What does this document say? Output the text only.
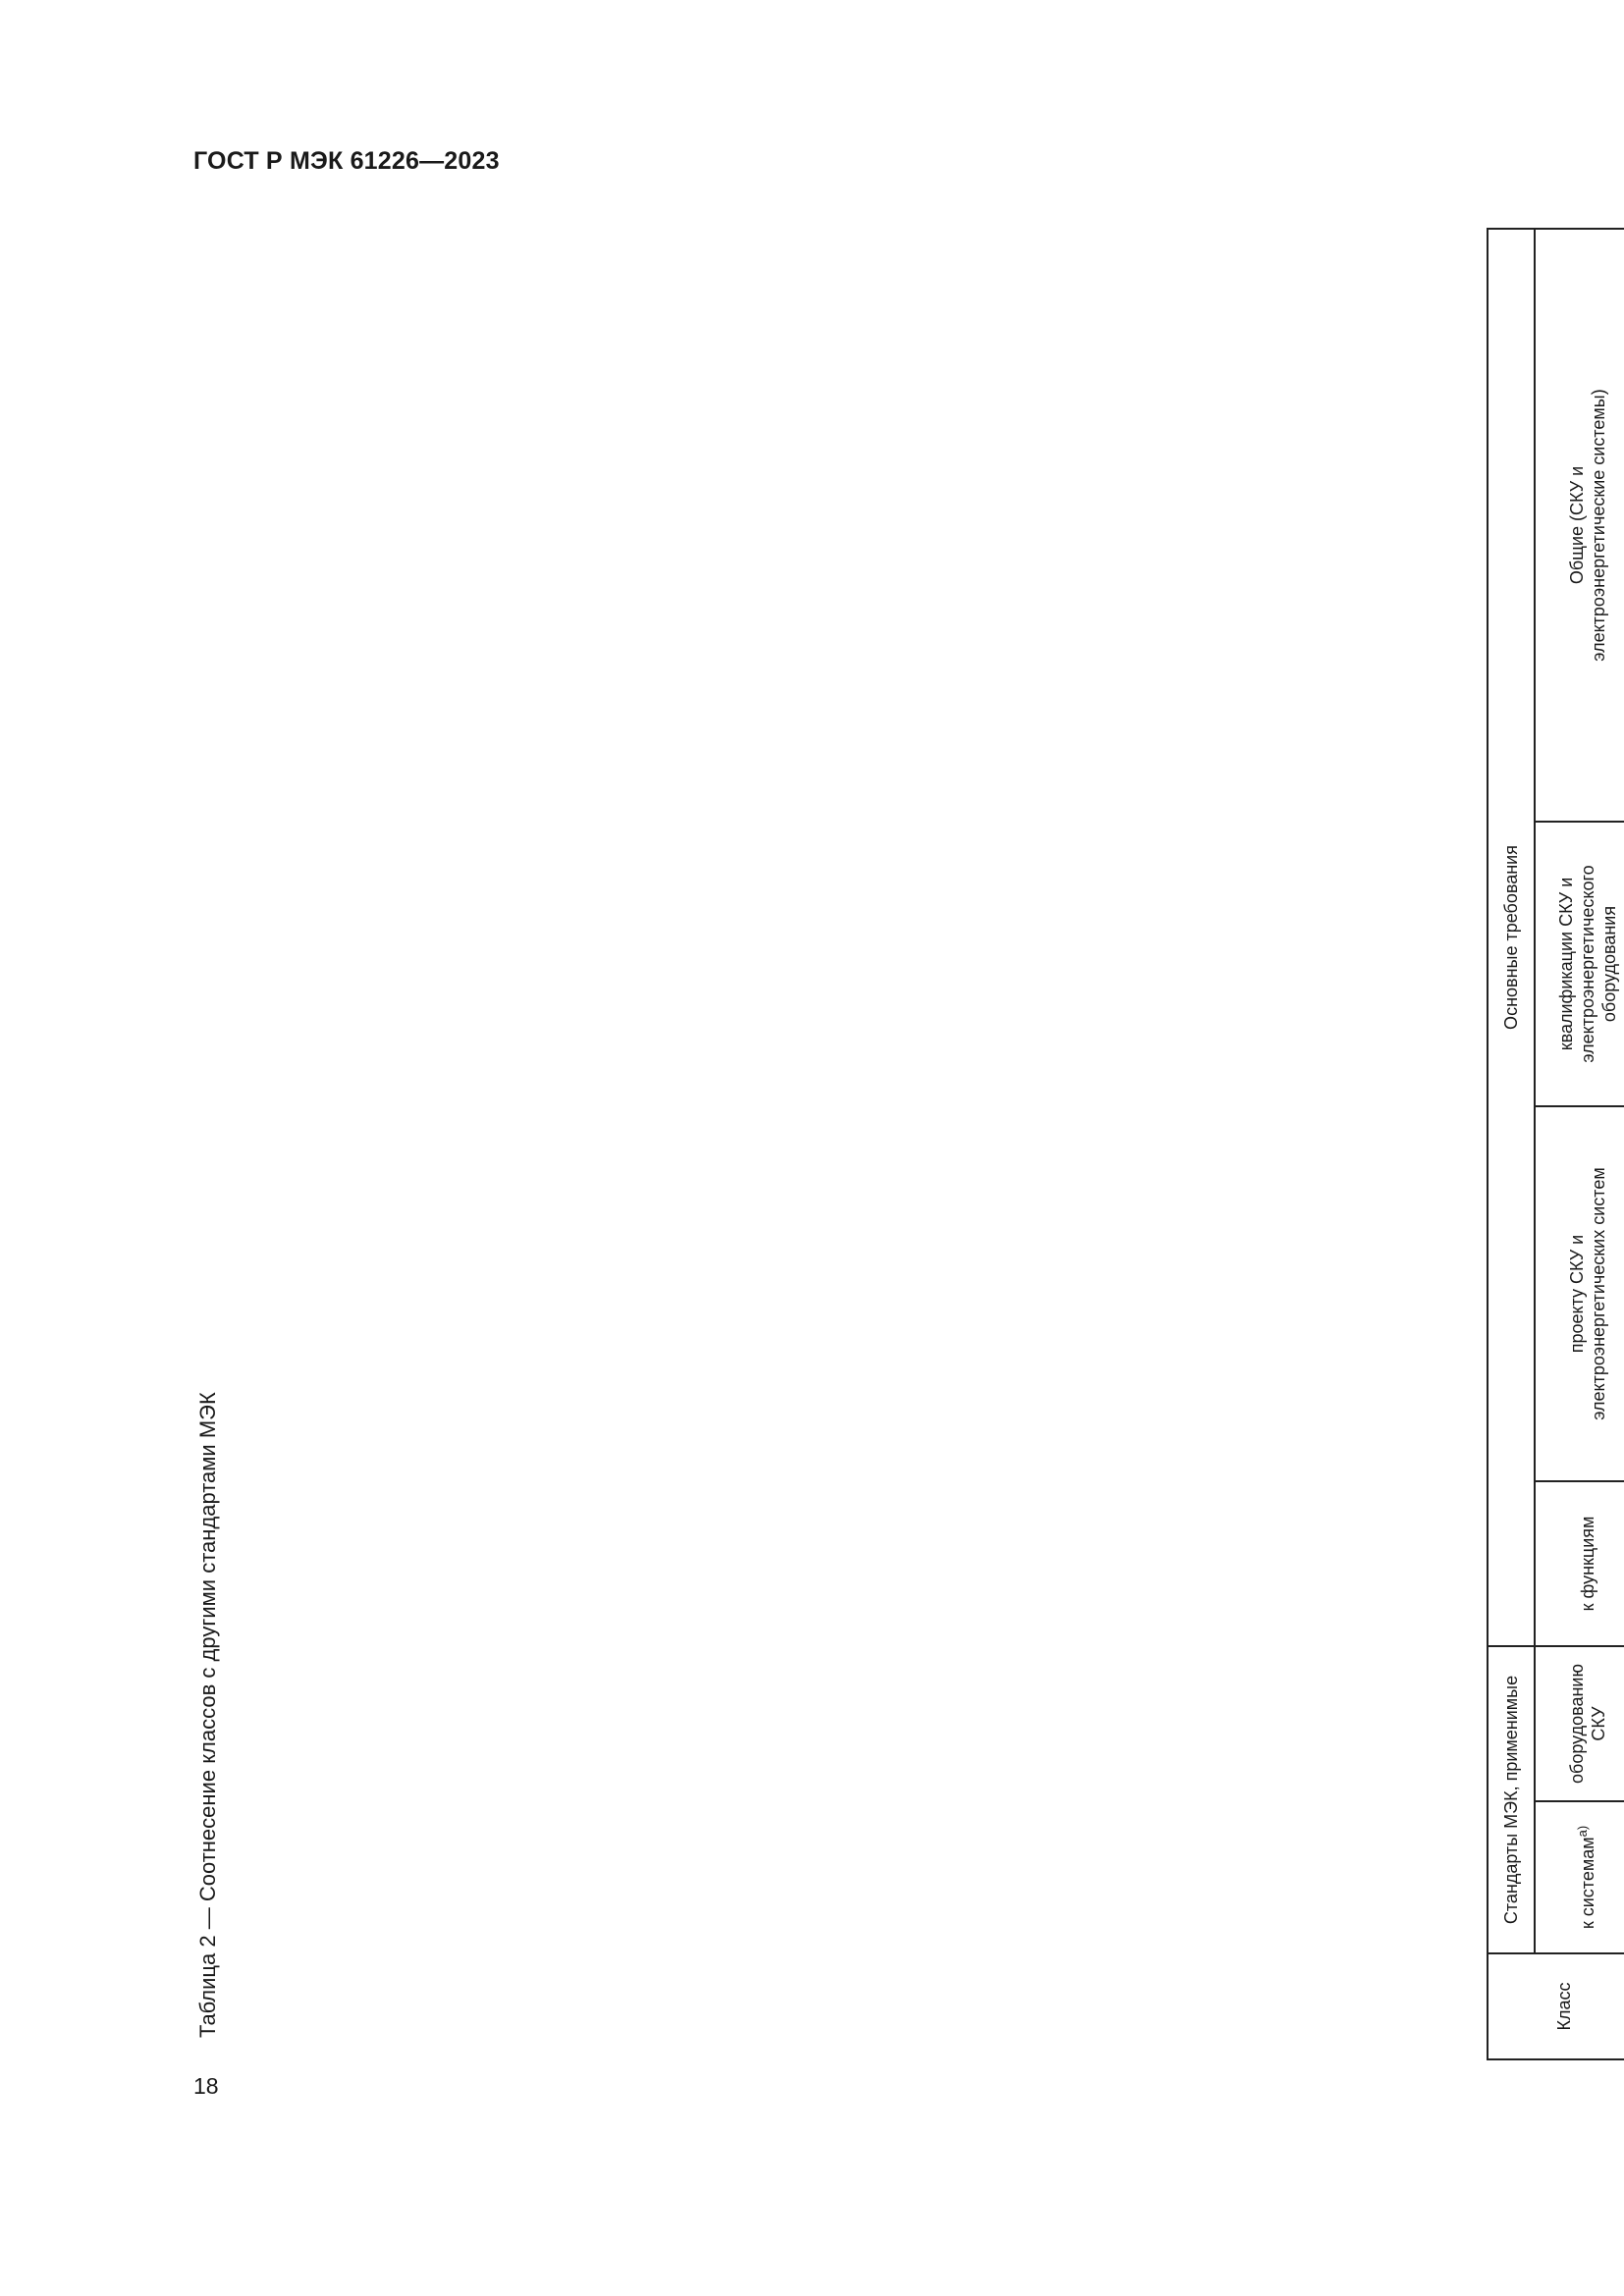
ГОСТ Р МЭК 61226—2023
18
Таблица 2 — Соотнесение классов с другими стандартами МЭК	Класс	Стандарты МЭК, применимые		Основные требования			
	к системам$^{a)}$	оборудованию СКУ	к функциям	проекту СКУ и электроэнергетических систем	квалификации СКУ и электроэнергетического оборудования	Общие (СКУ и электроэнергетические системы)
